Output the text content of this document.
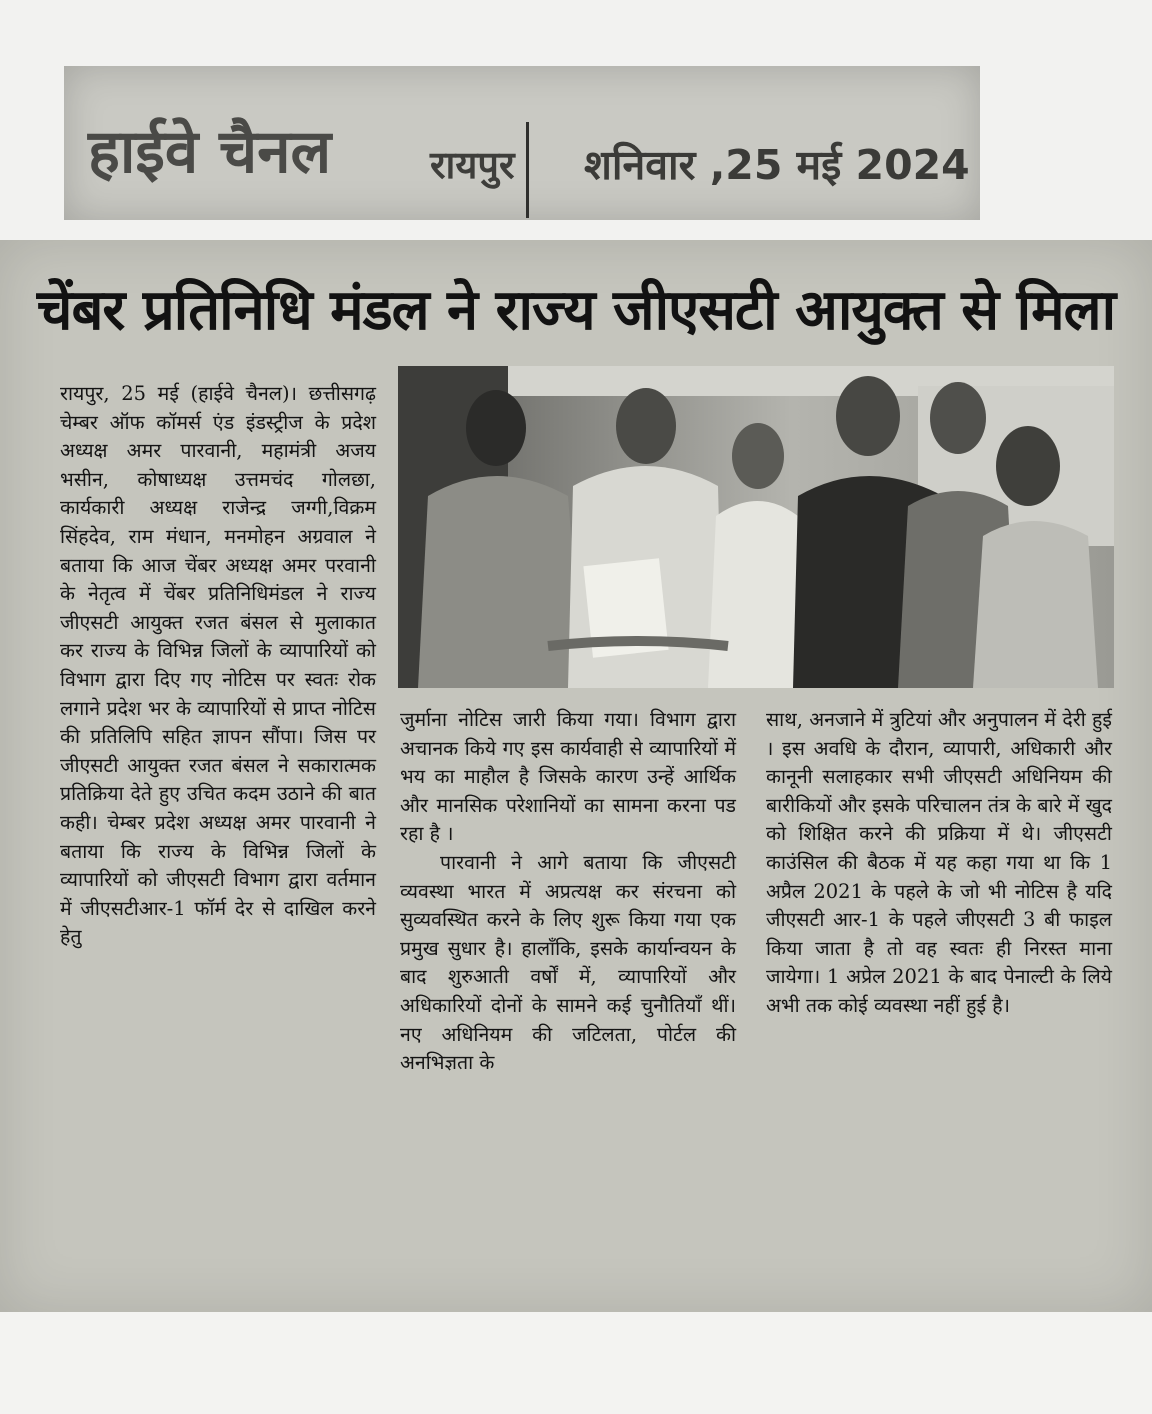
हाईवे चैनल	रायपुर शनिवार ,25 मई 2024
चेंबर प्रतिनिधि मंडल ने राज्य जीएसटी आयुक्त से मिला

रायपुर, 25 मई (हाईवे चैनल)। छत्तीसगढ़ चेम्बर ऑफ कॉमर्स एंड इंडस्ट्रीज के प्रदेश अध्यक्ष अमर पारवानी, महामंत्री अजय भसीन, कोषाध्यक्ष उत्तमचंद गोलछा, कार्यकारी अध्यक्ष राजेन्द्र जग्गी,विक्रम सिंहदेव, राम मंधान, मनमोहन अग्रवाल ने बताया कि आज चेंबर अध्यक्ष अमर परवानी के नेतृत्व में चेंबर प्रतिनिधिमंडल ने राज्य जीएसटी आयुक्त रजत बंसल से मुलाकात कर राज्य के विभिन्न जिलों के व्यापारियों को विभाग द्वारा दिए गए नोटिस पर स्वतः रोक लगाने प्रदेश भर के व्यापारियों से प्राप्त नोटिस की प्रतिलिपि सहित ज्ञापन सौंपा। जिस पर जीएसटी आयुक्त रजत बंसल ने सकारात्मक प्रतिक्रिया देते हुए उचित कदम उठाने की बात कही। चेम्बर प्रदेश अध्यक्ष अमर पारवानी ने बताया कि राज्य के विभिन्न जिलों के व्यापारियों को जीएसटी विभाग द्वारा वर्तमान में जीएसटीआर-1 फॉर्म देर से दाखिल करने हेतु

जुर्माना नोटिस जारी किया गया। विभाग द्वारा अचानक किये गए इस कार्यवाही से व्यापारियों में भय का माहौल है जिसके कारण उन्हें आर्थिक और मानसिक परेशानियों का सामना करना पड रहा है ।

पारवानी ने आगे बताया कि जीएसटी व्यवस्था भारत में अप्रत्यक्ष कर संरचना को सुव्यवस्थित करने के लिए शुरू किया गया एक प्रमुख सुधार है। हालाँकि, इसके कार्यान्वयन के बाद शुरुआती वर्षों में, व्यापारियों और अधिकारियों दोनों के सामने कई चुनौतियाँ थीं। नए अधिनियम की जटिलता, पोर्टल की अनभिज्ञता के

साथ, अनजाने में त्रुटियां और अनुपालन में देरी हुई । इस अवधि के दौरान, व्यापारी, अधिकारी और कानूनी सलाहकार सभी जीएसटी अधिनियम की बारीकियों और इसके परिचालन तंत्र के बारे में खुद को शिक्षित करने की प्रक्रिया में थे। जीएसटी काउंसिल की बैठक में यह कहा गया था कि 1 अप्रैल 2021 के पहले के जो भी नोटिस है यदि जीएसटी आर-1 के पहले जीएसटी 3 बी फाइल किया जाता है तो वह स्वतः ही निरस्त माना जायेगा। 1 अप्रेल 2021 के बाद पेनाल्टी के लिये अभी तक कोई व्यवस्था नहीं हुई है।
